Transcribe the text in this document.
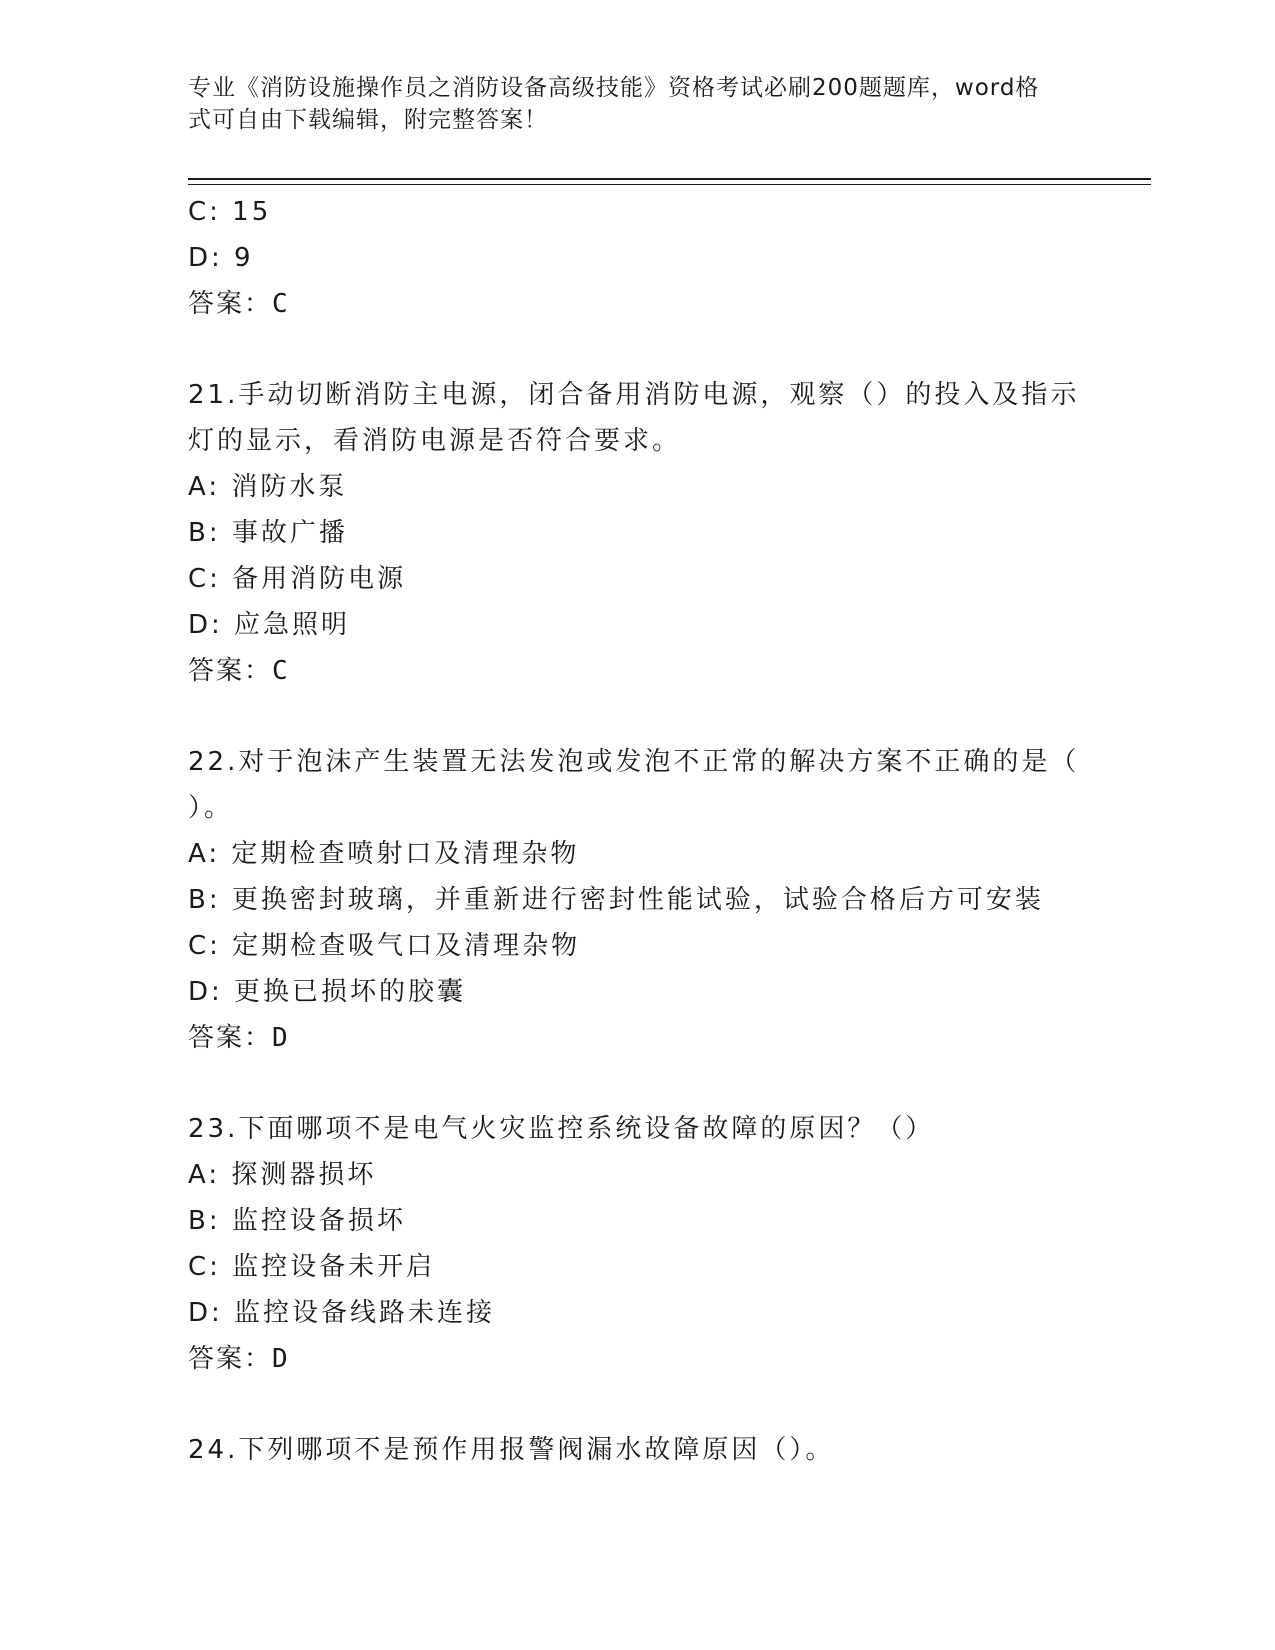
专业《消防设施操作员之消防设备高级技能》资格考试必刷200题题库，word格
式可自由下载编辑，附完整答案！
C: 15
D: 9
答案：C
21.手动切断消防主电源，闭合备用消防电源，观察（）的投入及指示
灯的显示，看消防电源是否符合要求。
A: 消防水泵
B: 事故广播
C: 备用消防电源
D: 应急照明
答案：C
22.对于泡沫产生装置无法发泡或发泡不正常的解决方案不正确的是（
）。
A: 定期检查喷射口及清理杂物
B: 更换密封玻璃，并重新进行密封性能试验，试验合格后方可安装
C: 定期检查吸气口及清理杂物
D: 更换已损坏的胶囊
答案：D
23.下面哪项不是电气火灾监控系统设备故障的原因？（）
A: 探测器损坏
B: 监控设备损坏
C: 监控设备未开启
D: 监控设备线路未连接
答案：D
24.下列哪项不是预作用报警阀漏水故障原因（）。
